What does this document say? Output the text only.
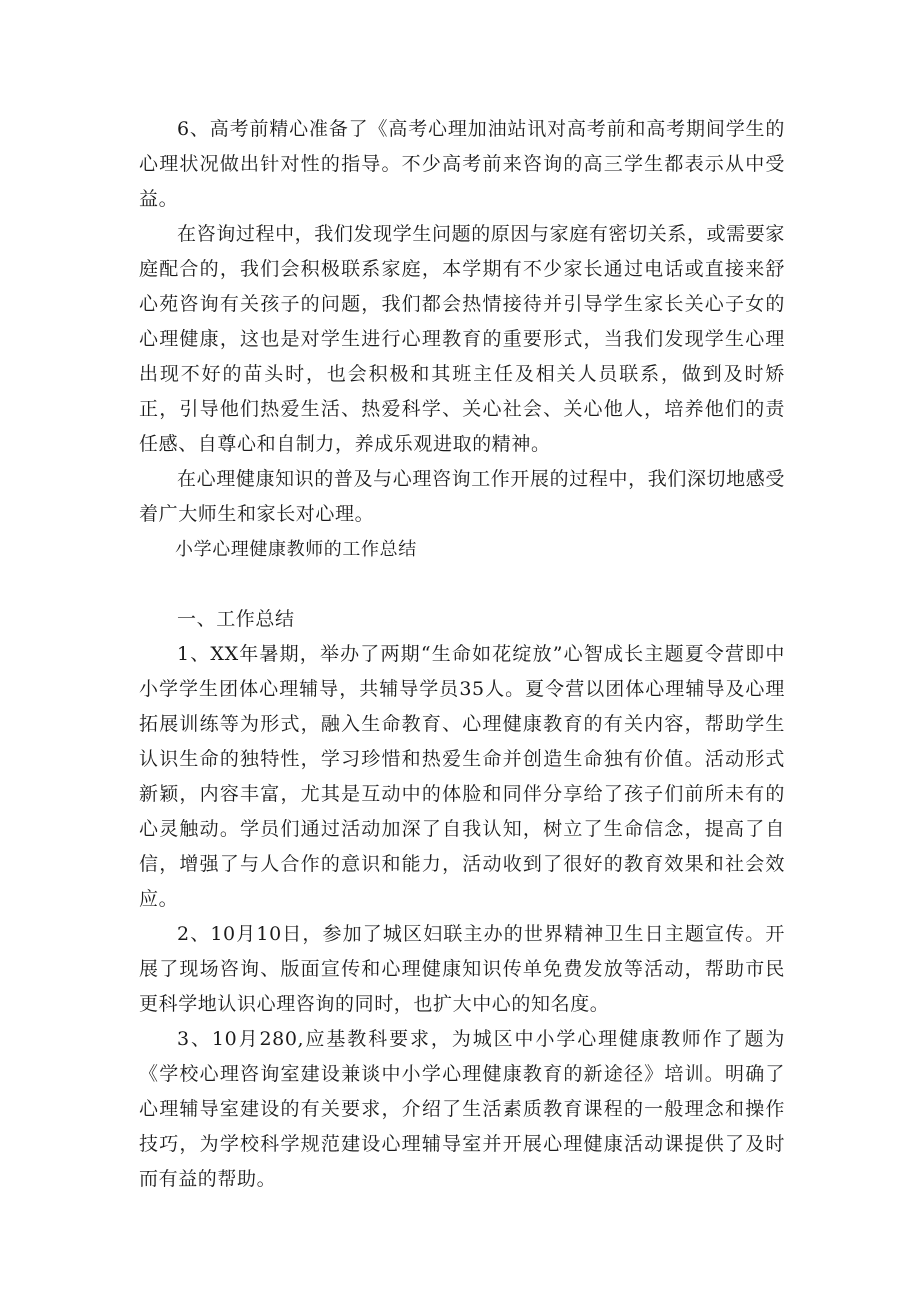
6、高考前精心准备了《高考心理加油站讯对高考前和高考期间学生的心理状况做出针对性的指导。不少高考前来咨询的高三学生都表示从中受益。

在咨询过程中，我们发现学生问题的原因与家庭有密切关系，或需要家庭配合的，我们会积极联系家庭，本学期有不少家长通过电话或直接来舒心苑咨询有关孩子的问题，我们都会热情接待并引导学生家长关心子女的心理健康，这也是对学生进行心理教育的重要形式，当我们发现学生心理出现不好的苗头时，也会积极和其班主任及相关人员联系，做到及时矫正，引导他们热爱生活、热爱科学、关心社会、关心他人，培养他们的责任感、自尊心和自制力，养成乐观进取的精神。

在心理健康知识的普及与心理咨询工作开展的过程中，我们深切地感受着广大师生和家长对心理。

小学心理健康教师的工作总结

一、工作总结

1、XX年暑期，举办了两期“生命如花绽放”心智成长主题夏令营即中小学学生团体心理辅导，共辅导学员35人。夏令营以团体心理辅导及心理拓展训练等为形式，融入生命教育、心理健康教育的有关内容，帮助学生认识生命的独特性，学习珍惜和热爱生命并创造生命独有价值。活动形式新颖，内容丰富，尤其是互动中的体脸和同伴分享给了孩子们前所未有的心灵触动。学员们通过活动加深了自我认知，树立了生命信念，提高了自信，增强了与人合作的意识和能力，活动收到了很好的教育效果和社会效应。

2、10月10日，参加了城区妇联主办的世界精神卫生日主题宣传。开展了现场咨询、版面宣传和心理健康知识传单免费发放等活动，帮助市民更科学地认识心理咨询的同时，也扩大中心的知名度。

3、10月280,应基教科要求，为城区中小学心理健康教师作了题为《学校心理咨询室建设兼谈中小学心理健康教育的新途径》培训。明确了心理辅导室建设的有关要求，介绍了生活素质教育课程的一般理念和操作技巧，为学校科学规范建设心理辅导室并开展心理健康活动课提供了及时而有益的帮助。
